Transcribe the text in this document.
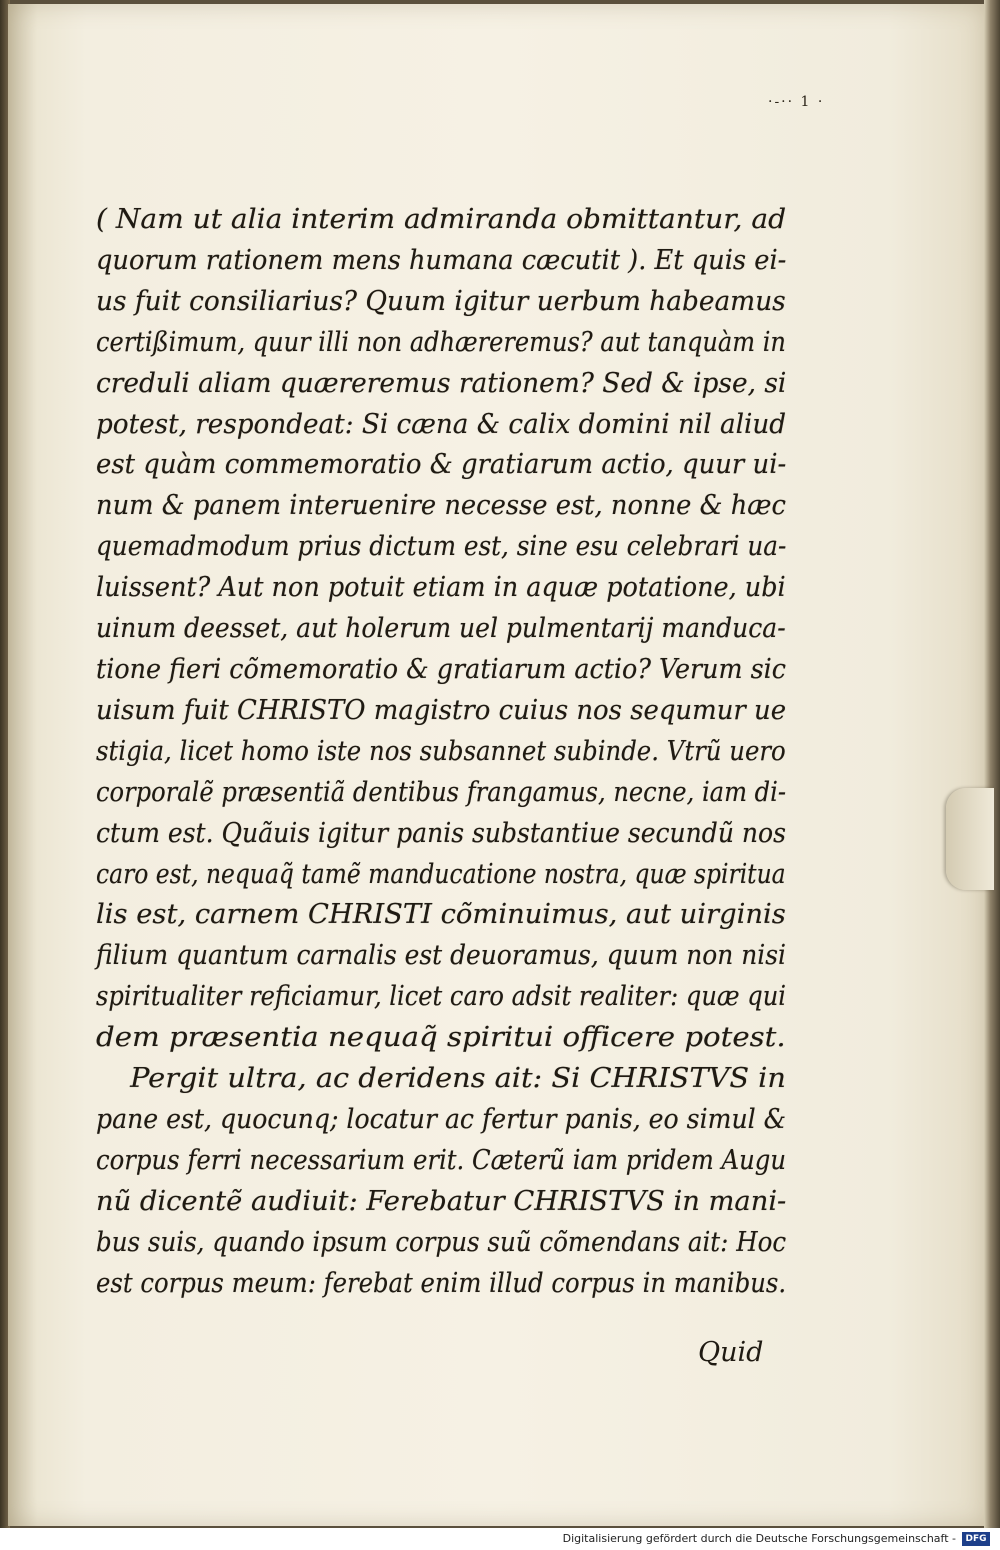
·-·· 1 ·
( Nam ut alia interim admiranda obmittantur, ad
quorum rationem mens humana cæcutit ). Et quis ei-
us fuit consiliarius? Quum igitur uerbum habeamus
certißimum, quur illi non adhæreremus? aut tanquàm in
creduli aliam quæreremus rationem? Sed & ipse, si
potest, respondeat: Si cæna & calix domini nil aliud
est quàm commemoratio & gratiarum actio, quur ui-
num & panem interuenire necesse est, nonne & hæc
quemadmodum prius dictum est, sine esu celebrari ua-
luissent? Aut non potuit etiam in aquæ potatione, ubi
uinum deesset, aut holerum uel pulmentarij manduca-
tione fieri cõmemoratio & gratiarum actio? Verum sic
uisum fuit CHRISTO magistro cuius nos sequmur ue
stigia, licet homo iste nos subsannet subinde. Vtrũ uero
corporalẽ præsentiã dentibus frangamus, necne, iam di-
ctum est. Quãuis igitur panis substantiue secundũ nos
caro est, nequaq̃ tamẽ manducatione nostra, quæ spiritua
lis est, carnem CHRISTI cõminuimus, aut uirginis
filium quantum carnalis est deuoramus, quum non nisi
spiritualiter reficiamur, licet caro adsit realiter: quæ qui
dem præsentia nequaq̃ spiritui officere potest.
Pergit ultra, ac deridens ait: Si CHRISTVS in
pane est, quocunq; locatur ac fertur panis, eo simul &
corpus ferri necessarium erit. Cæterũ iam pridem Augu
nũ dicentẽ audiuit: Ferebatur CHRISTVS in mani-
bus suis, quando ipsum corpus suũ cõmendans ait: Hoc
est corpus meum: ferebat enim illud corpus in manibus.
Quid
Digitalisierung gefördert durch die Deutsche Forschungsgemeinschaft -	DFG
